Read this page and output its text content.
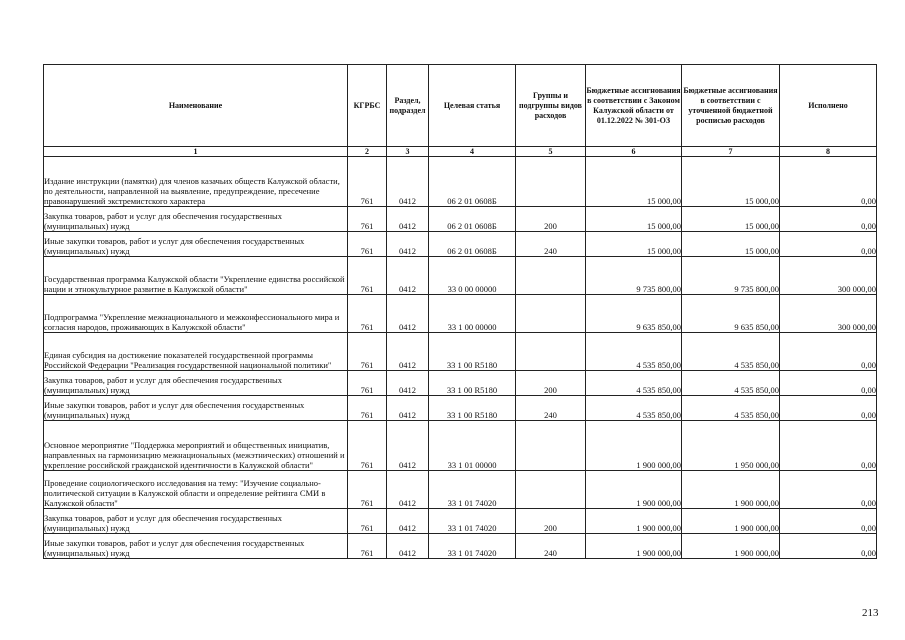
Наименование	КГРБС	Раздел, подраздел	Целевая статья	Группы и подгруппы видов расходов	Бюджетные ассигнования в соответствии с Законом Калужской области от 01.12.2022 № 301-ОЗ	Бюджетные ассигнования в соответствии с уточненной бюджетной росписью расходов	Исполнено
1	2	3	4	5	6	7	8
Издание инструкции (памятки) для членов казачьих обществ Калужской области, по деятельности, направленной на выявление, предупреждение, пресечение правонарушений экстремистского характера	761	0412	06 2 01 0608Б		15 000,00	15 000,00	0,00
Закупка товаров, работ и услуг для обеспечения государственных (муниципальных) нужд	761	0412	06 2 01 0608Б	200	15 000,00	15 000,00	0,00
Иные закупки товаров, работ и услуг для обеспечения государственных (муниципальных) нужд	761	0412	06 2 01 0608Б	240	15 000,00	15 000,00	0,00
Государственная программа Калужской области "Укрепление единства российской нации и этнокультурное развитие в Калужской области"	761	0412	33 0 00 00000		9 735 800,00	9 735 800,00	300 000,00
Подпрограмма "Укрепление межнационального и межконфессионального мира и согласия народов, проживающих в Калужской области"	761	0412	33 1 00 00000		9 635 850,00	9 635 850,00	300 000,00
Единая субсидия на достижение показателей государственной программы Российской Федерации "Реализация государственной национальной политики"	761	0412	33 1 00 R5180		4 535 850,00	4 535 850,00	0,00
Закупка товаров, работ и услуг для обеспечения государственных (муниципальных) нужд	761	0412	33 1 00 R5180	200	4 535 850,00	4 535 850,00	0,00
Иные закупки товаров, работ и услуг для обеспечения государственных (муниципальных) нужд	761	0412	33 1 00 R5180	240	4 535 850,00	4 535 850,00	0,00
Основное мероприятие "Поддержка мероприятий и общественных инициатив, направленных на гармонизацию межнациональных (межэтнических) отношений и укрепление российской гражданской идентичности в Калужской области"	761	0412	33 1 01 00000		1 900 000,00	1 950 000,00	0,00
Проведение социологического исследования на тему: "Изучение социально-политической ситуации в Калужской области и определение рейтинга СМИ в Калужской области"	761	0412	33 1 01 74020		1 900 000,00	1 900 000,00	0,00
Закупка товаров, работ и услуг для обеспечения государственных (муниципальных) нужд	761	0412	33 1 01 74020	200	1 900 000,00	1 900 000,00	0,00
Иные закупки товаров, работ и услуг для обеспечения государственных (муниципальных) нужд	761	0412	33 1 01 74020	240	1 900 000,00	1 900 000,00	0,00
213
